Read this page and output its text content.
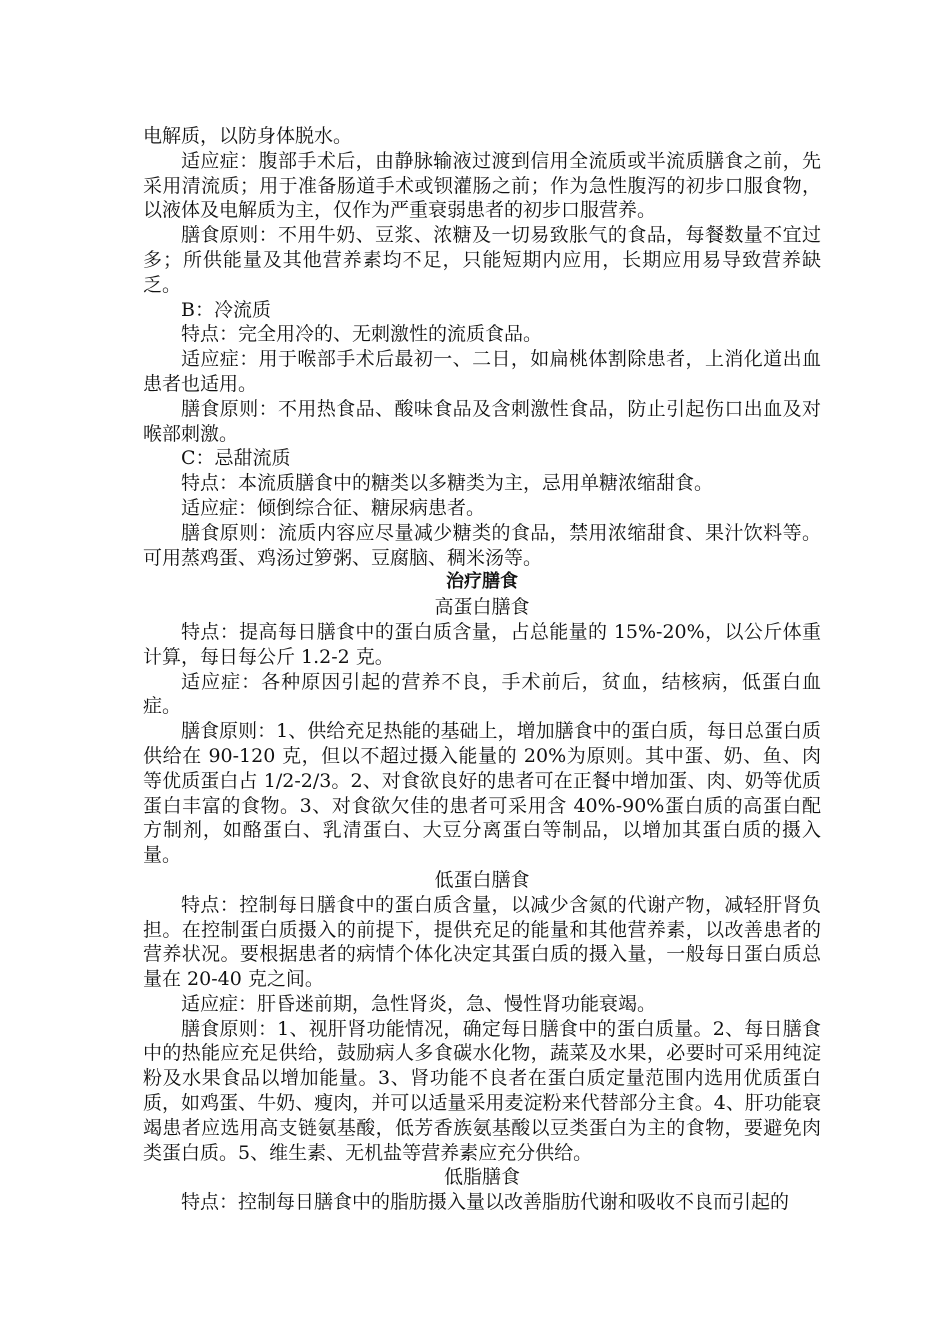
电解质，以防身体脱水。

适应症：腹部手术后，由静脉输液过渡到信用全流质或半流质膳食之前，先采用清流质；用于准备肠道手术或钡灌肠之前；作为急性腹泻的初步口服食物，以液体及电解质为主，仅作为严重衰弱患者的初步口服营养。

膳食原则：不用牛奶、豆浆、浓糖及一切易致胀气的食品，每餐数量不宜过多；所供能量及其他营养素均不足，只能短期内应用，长期应用易导致营养缺乏。

B：冷流质

特点：完全用冷的、无刺激性的流质食品。

适应症：用于喉部手术后最初一、二日，如扁桃体割除患者，上消化道出血患者也适用。

膳食原则：不用热食品、酸味食品及含刺激性食品，防止引起伤口出血及对喉部刺激。

C：忌甜流质

特点：本流质膳食中的糖类以多糖类为主，忌用单糖浓缩甜食。

适应症：倾倒综合征、糖尿病患者。

膳食原则：流质内容应尽量减少糖类的食品，禁用浓缩甜食、果汁饮料等。可用蒸鸡蛋、鸡汤过箩粥、豆腐脑、稠米汤等。

治疗膳食

高蛋白膳食

特点：提高每日膳食中的蛋白质含量，占总能量的 15%-20%，以公斤体重计算，每日每公斤 1.2-2 克。

适应症：各种原因引起的营养不良，手术前后，贫血，结核病，低蛋白血症。

膳食原则：1、供给充足热能的基础上，增加膳食中的蛋白质，每日总蛋白质供给在 90-120 克，但以不超过摄入能量的 20%为原则。其中蛋、奶、鱼、肉等优质蛋白占 1/2-2/3。2、对食欲良好的患者可在正餐中增加蛋、肉、奶等优质蛋白丰富的食物。3、对食欲欠佳的患者可采用含 40%-90%蛋白质的高蛋白配方制剂，如酪蛋白、乳清蛋白、大豆分离蛋白等制品，以增加其蛋白质的摄入量。

低蛋白膳食

特点：控制每日膳食中的蛋白质含量，以减少含氮的代谢产物，减轻肝肾负担。在控制蛋白质摄入的前提下，提供充足的能量和其他营养素，以改善患者的营养状况。要根据患者的病情个体化决定其蛋白质的摄入量，一般每日蛋白质总量在 20-40 克之间。

适应症：肝昏迷前期，急性肾炎，急、慢性肾功能衰竭。

膳食原则：1、视肝肾功能情况，确定每日膳食中的蛋白质量。2、每日膳食中的热能应充足供给，鼓励病人多食碳水化物，蔬菜及水果，必要时可采用纯淀粉及水果食品以增加能量。3、肾功能不良者在蛋白质定量范围内选用优质蛋白质，如鸡蛋、牛奶、瘦肉，并可以适量采用麦淀粉来代替部分主食。4、肝功能衰竭患者应选用高支链氨基酸，低芳香族氨基酸以豆类蛋白为主的食物，要避免肉类蛋白质。5、维生素、无机盐等营养素应充分供给。

低脂膳食

特点：控制每日膳食中的脂肪摄入量以改善脂肪代谢和吸收不良而引起的
